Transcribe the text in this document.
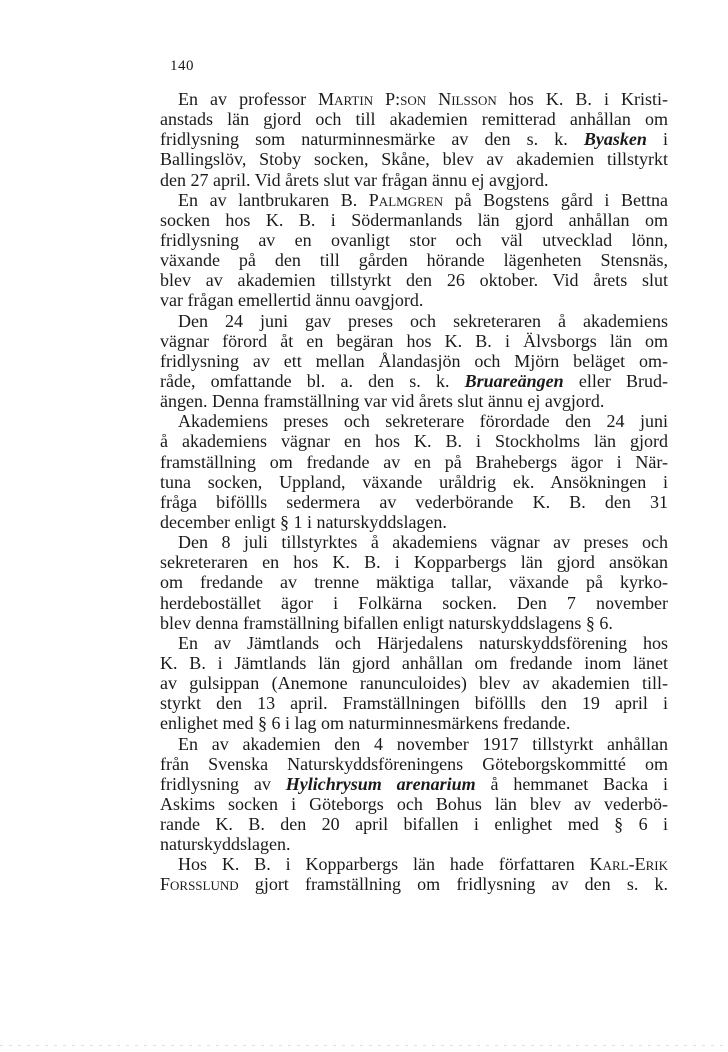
140
En av professor Martin P:son Nilsson hos K. B. i Kristi-
anstads län gjord och till akademien remitterad anhållan om
fridlysning som naturminnesmärke av den s. k. Byasken i
Ballingslöv, Stoby socken, Skåne, blev av akademien tillstyrkt
den 27 april. Vid årets slut var frågan ännu ej avgjord.
En av lantbrukaren B. Palmgren på Bogstens gård i Bettna
socken hos K. B. i Södermanlands län gjord anhållan om
fridlysning av en ovanligt stor och väl utvecklad lönn,
växande på den till gården hörande lägenheten Stensnäs,
blev av akademien tillstyrkt den 26 oktober. Vid årets slut
var frågan emellertid ännu oavgjord.
Den 24 juni gav preses och sekreteraren å akademiens
vägnar förord åt en begäran hos K. B. i Älvsborgs län om
fridlysning av ett mellan Ålandasjön och Mjörn beläget om-
råde, omfattande bl. a. den s. k. Bruareängen eller Brud-
ängen. Denna framställning var vid årets slut ännu ej avgjord.
Akademiens preses och sekreterare förordade den 24 juni
å akademiens vägnar en hos K. B. i Stockholms län gjord
framställning om fredande av en på Brahebergs ägor i När-
tuna socken, Uppland, växande uråldrig ek. Ansökningen i
fråga biföllls sedermera av vederbörande K. B. den 31
december enligt § 1 i naturskyddslagen.
Den 8 juli tillstyrktes å akademiens vägnar av preses och
sekreteraren en hos K. B. i Kopparbergs län gjord ansökan
om fredande av trenne mäktiga tallar, växande på kyrko-
herdebostället ägor i Folkärna socken. Den 7 november
blev denna framställning bifallen enligt naturskyddslagens § 6.
En av Jämtlands och Härjedalens naturskyddsförening hos
K. B. i Jämtlands län gjord anhållan om fredande inom länet
av gulsippan (Anemone ranunculoides) blev av akademien till-
styrkt den 13 april. Framställningen biföllls den 19 april i
enlighet med § 6 i lag om naturminnesmärkens fredande.
En av akademien den 4 november 1917 tillstyrkt anhållan
från Svenska Naturskyddsföreningens Göteborgskommitté om
fridlysning av Hylichrysum arenarium å hemmanet Backa i
Askims socken i Göteborgs och Bohus län blev av vederbö-
rande K. B. den 20 april bifallen i enlighet med § 6 i
naturskyddslagen.
Hos K. B. i Kopparbergs län hade författaren Karl-Erik
Forsslund gjort framställning om fridlysning av den s. k.
